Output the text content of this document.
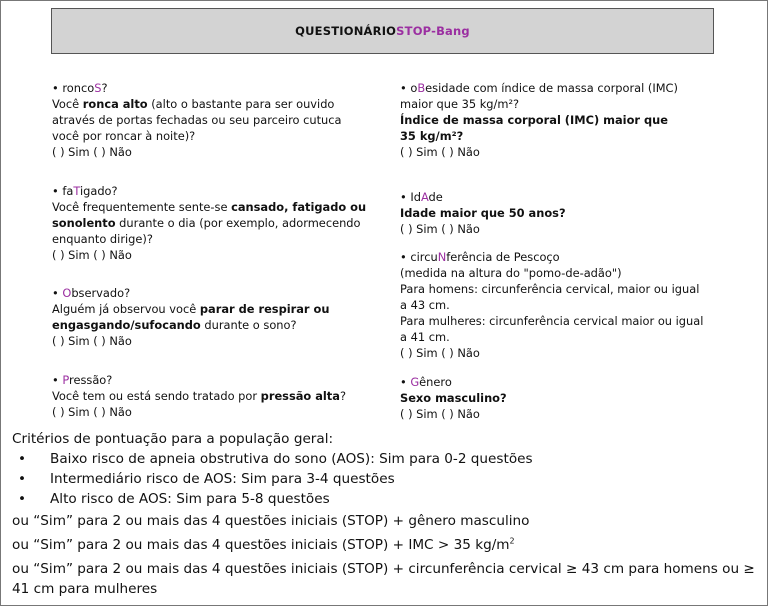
QUESTIONÁRIO STOP-Bang
• roncoS?
Você ronca alto (alto o bastante para ser ouvido
através de portas fechadas ou seu parceiro cutuca
você por roncar à noite)?
( ) Sim ( ) Não
• faTigado?
Você frequentemente sente-se cansado, fatigado ou
sonolento durante o dia (por exemplo, adormecendo
enquanto dirige)?
( ) Sim ( ) Não
• Observado?
Alguém já observou você parar de respirar ou
engasgando/sufocando durante o sono?
( ) Sim ( ) Não
• Pressão?
Você tem ou está sendo tratado por pressão alta?
( ) Sim ( ) Não
• oBesidade com índice de massa corporal (IMC)
maior que 35 kg/m²?
Índice de massa corporal (IMC) maior que
35 kg/m²?
( ) Sim ( ) Não
• IdAde
Idade maior que 50 anos?
( ) Sim ( ) Não
• circuNferência de Pescoço
(medida na altura do "pomo-de-adão")
Para homens: circunferência cervical, maior ou igual
a 43 cm.
Para mulheres: circunferência cervical maior ou igual
a 41 cm.
( ) Sim ( ) Não
• Gênero
Sexo masculino?
( ) Sim ( ) Não
Critérios de pontuação para a população geral:
•	Baixo risco de apneia obstrutiva do sono (AOS): Sim para 0-2 questões
•	Intermediário risco de AOS: Sim para 3-4 questões
•	Alto risco de AOS: Sim para 5-8 questões
ou “Sim” para 2 ou mais das 4 questões iniciais (STOP) + gênero masculino
ou “Sim” para 2 ou mais das 4 questões iniciais (STOP) + IMC > 35 $kg/m^2$
ou “Sim” para 2 ou mais das 4 questões iniciais (STOP) + circunferência cervical ≥ 43 cm para homens ou ≥ 41 cm para mulheres
